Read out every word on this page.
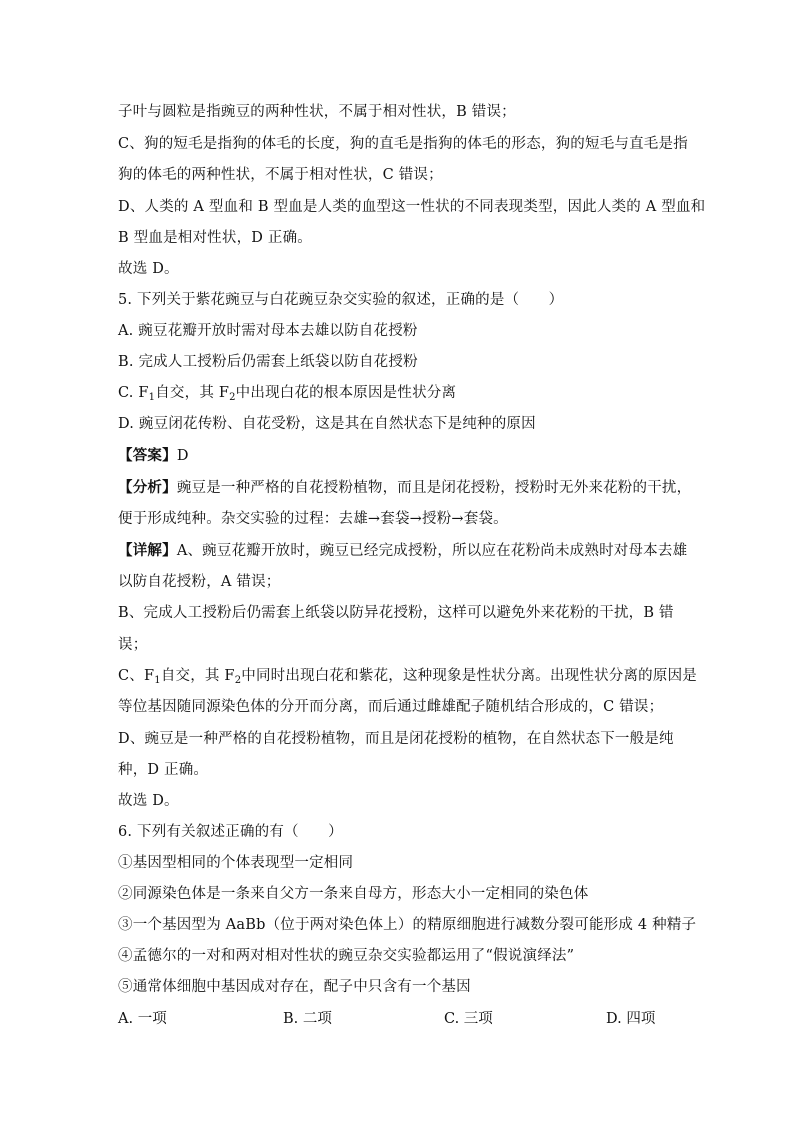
子叶与圆粒是指豌豆的两种性状，不属于相对性状，B 错误；
C、狗的短毛是指狗的体毛的长度，狗的直毛是指狗的体毛的形态，狗的短毛与直毛是指
狗的体毛的两种性状，不属于相对性状，C 错误；
D、人类的 A 型血和 B 型血是人类的血型这一性状的不同表现类型，因此人类的 A 型血和
B 型血是相对性状，D 正确。
故选 D。
5. 下列关于紫花豌豆与白花豌豆杂交实验的叙述，正确的是（　　）
A. 豌豆花瓣开放时需对母本去雄以防自花授粉
B. 完成人工授粉后仍需套上纸袋以防自花授粉
C. $F_1$自交，其 $F_2$中出现白花的根本原因是性状分离
D. 豌豆闭花传粉、自花受粉，这是其在自然状态下是纯种的原因
【答案】D
【分析】豌豆是一种严格的自花授粉植物，而且是闭花授粉，授粉时无外来花粉的干扰，
便于形成纯种。杂交实验的过程：去雄→套袋→授粉→套袋。
【详解】A、豌豆花瓣开放时，豌豆已经完成授粉，所以应在花粉尚未成熟时对母本去雄
以防自花授粉，A 错误；
B、完成人工授粉后仍需套上纸袋以防异花授粉，这样可以避免外来花粉的干扰，B 错
误；
C、$F_1$自交，其 $F_2$中同时出现白花和紫花，这种现象是性状分离。出现性状分离的原因是
等位基因随同源染色体的分开而分离，而后通过雌雄配子随机结合形成的，C 错误；
D、豌豆是一种严格的自花授粉植物，而且是闭花授粉的植物，在自然状态下一般是纯
种，D 正确。
故选 D。
6. 下列有关叙述正确的有（　　）
①基因型相同的个体表现型一定相同
②同源染色体是一条来自父方一条来自母方，形态大小一定相同的染色体
③一个基因型为 AaBb（位于两对染色体上）的精原细胞进行减数分裂可能形成 4 种精子
④孟德尔的一对和两对相对性状的豌豆杂交实验都运用了“假说演绎法”
⑤通常体细胞中基因成对存在，配子中只含有一个基因
A. 一项	B. 二项	C. 三项	D. 四项
